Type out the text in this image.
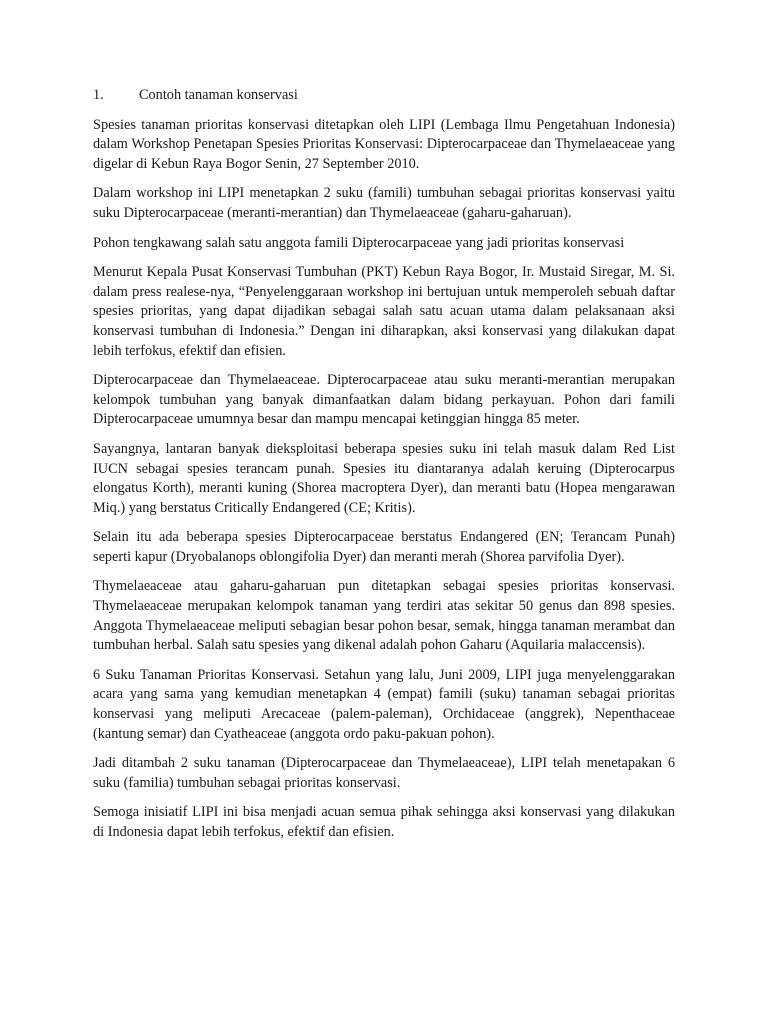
1.	Contoh tanaman konservasi

Spesies tanaman prioritas konservasi ditetapkan oleh LIPI (Lembaga Ilmu Pengetahuan Indonesia) dalam Workshop Penetapan Spesies Prioritas Konservasi: Dipterocarpaceae dan Thymelaeaceae yang digelar di Kebun Raya Bogor Senin, 27 September 2010.

Dalam workshop ini LIPI menetapkan 2 suku (famili) tumbuhan sebagai prioritas konservasi yaitu suku Dipterocarpaceae (meranti-merantian) dan Thymelaeaceae (gaharu-gaharuan).

Pohon tengkawang salah satu anggota famili Dipterocarpaceae yang jadi prioritas konservasi

Menurut Kepala Pusat Konservasi Tumbuhan (PKT) Kebun Raya Bogor, Ir. Mustaid Siregar, M. Si. dalam press realese-nya, “Penyelenggaraan workshop ini bertujuan untuk memperoleh sebuah daftar spesies prioritas, yang dapat dijadikan sebagai salah satu acuan utama dalam pelaksanaan aksi konservasi tumbuhan di Indonesia.” Dengan ini diharapkan, aksi konservasi yang dilakukan dapat lebih terfokus, efektif dan efisien.

Dipterocarpaceae dan Thymelaeaceae. Dipterocarpaceae atau suku meranti-merantian merupakan kelompok tumbuhan yang banyak dimanfaatkan dalam bidang perkayuan. Pohon dari famili Dipterocarpaceae umumnya besar dan mampu mencapai ketinggian hingga 85 meter.

Sayangnya, lantaran banyak dieksploitasi beberapa spesies suku ini telah masuk dalam Red List IUCN sebagai spesies terancam punah. Spesies itu diantaranya adalah keruing (Dipterocarpus elongatus Korth), meranti kuning (Shorea macroptera Dyer), dan meranti batu (Hopea mengarawan Miq.) yang berstatus Critically Endangered (CE; Kritis).

Selain itu ada beberapa spesies Dipterocarpaceae berstatus Endangered (EN; Terancam Punah) seperti kapur (Dryobalanops oblongifolia Dyer) dan meranti merah (Shorea parvifolia Dyer).

Thymelaeaceae atau gaharu-gaharuan pun ditetapkan sebagai spesies prioritas konservasi. Thymelaeaceae merupakan kelompok tanaman yang terdiri atas sekitar 50 genus dan 898 spesies. Anggota Thymelaeaceae meliputi sebagian besar pohon besar, semak, hingga tanaman merambat dan tumbuhan herbal. Salah satu spesies yang dikenal adalah pohon Gaharu (Aquilaria malaccensis).

6 Suku Tanaman Prioritas Konservasi. Setahun yang lalu, Juni 2009, LIPI juga menyelenggarakan acara yang sama yang kemudian menetapkan 4 (empat) famili (suku) tanaman sebagai prioritas konservasi yang meliputi Arecaceae (palem-paleman), Orchidaceae (anggrek), Nepenthaceae (kantung semar) dan Cyatheaceae (anggota ordo paku-pakuan pohon).

Jadi ditambah 2 suku tanaman (Dipterocarpaceae dan Thymelaeaceae), LIPI telah menetapakan 6 suku (familia) tumbuhan sebagai prioritas konservasi.

Semoga inisiatif LIPI ini bisa menjadi acuan semua pihak sehingga aksi konservasi yang dilakukan di Indonesia dapat lebih terfokus, efektif dan efisien.
